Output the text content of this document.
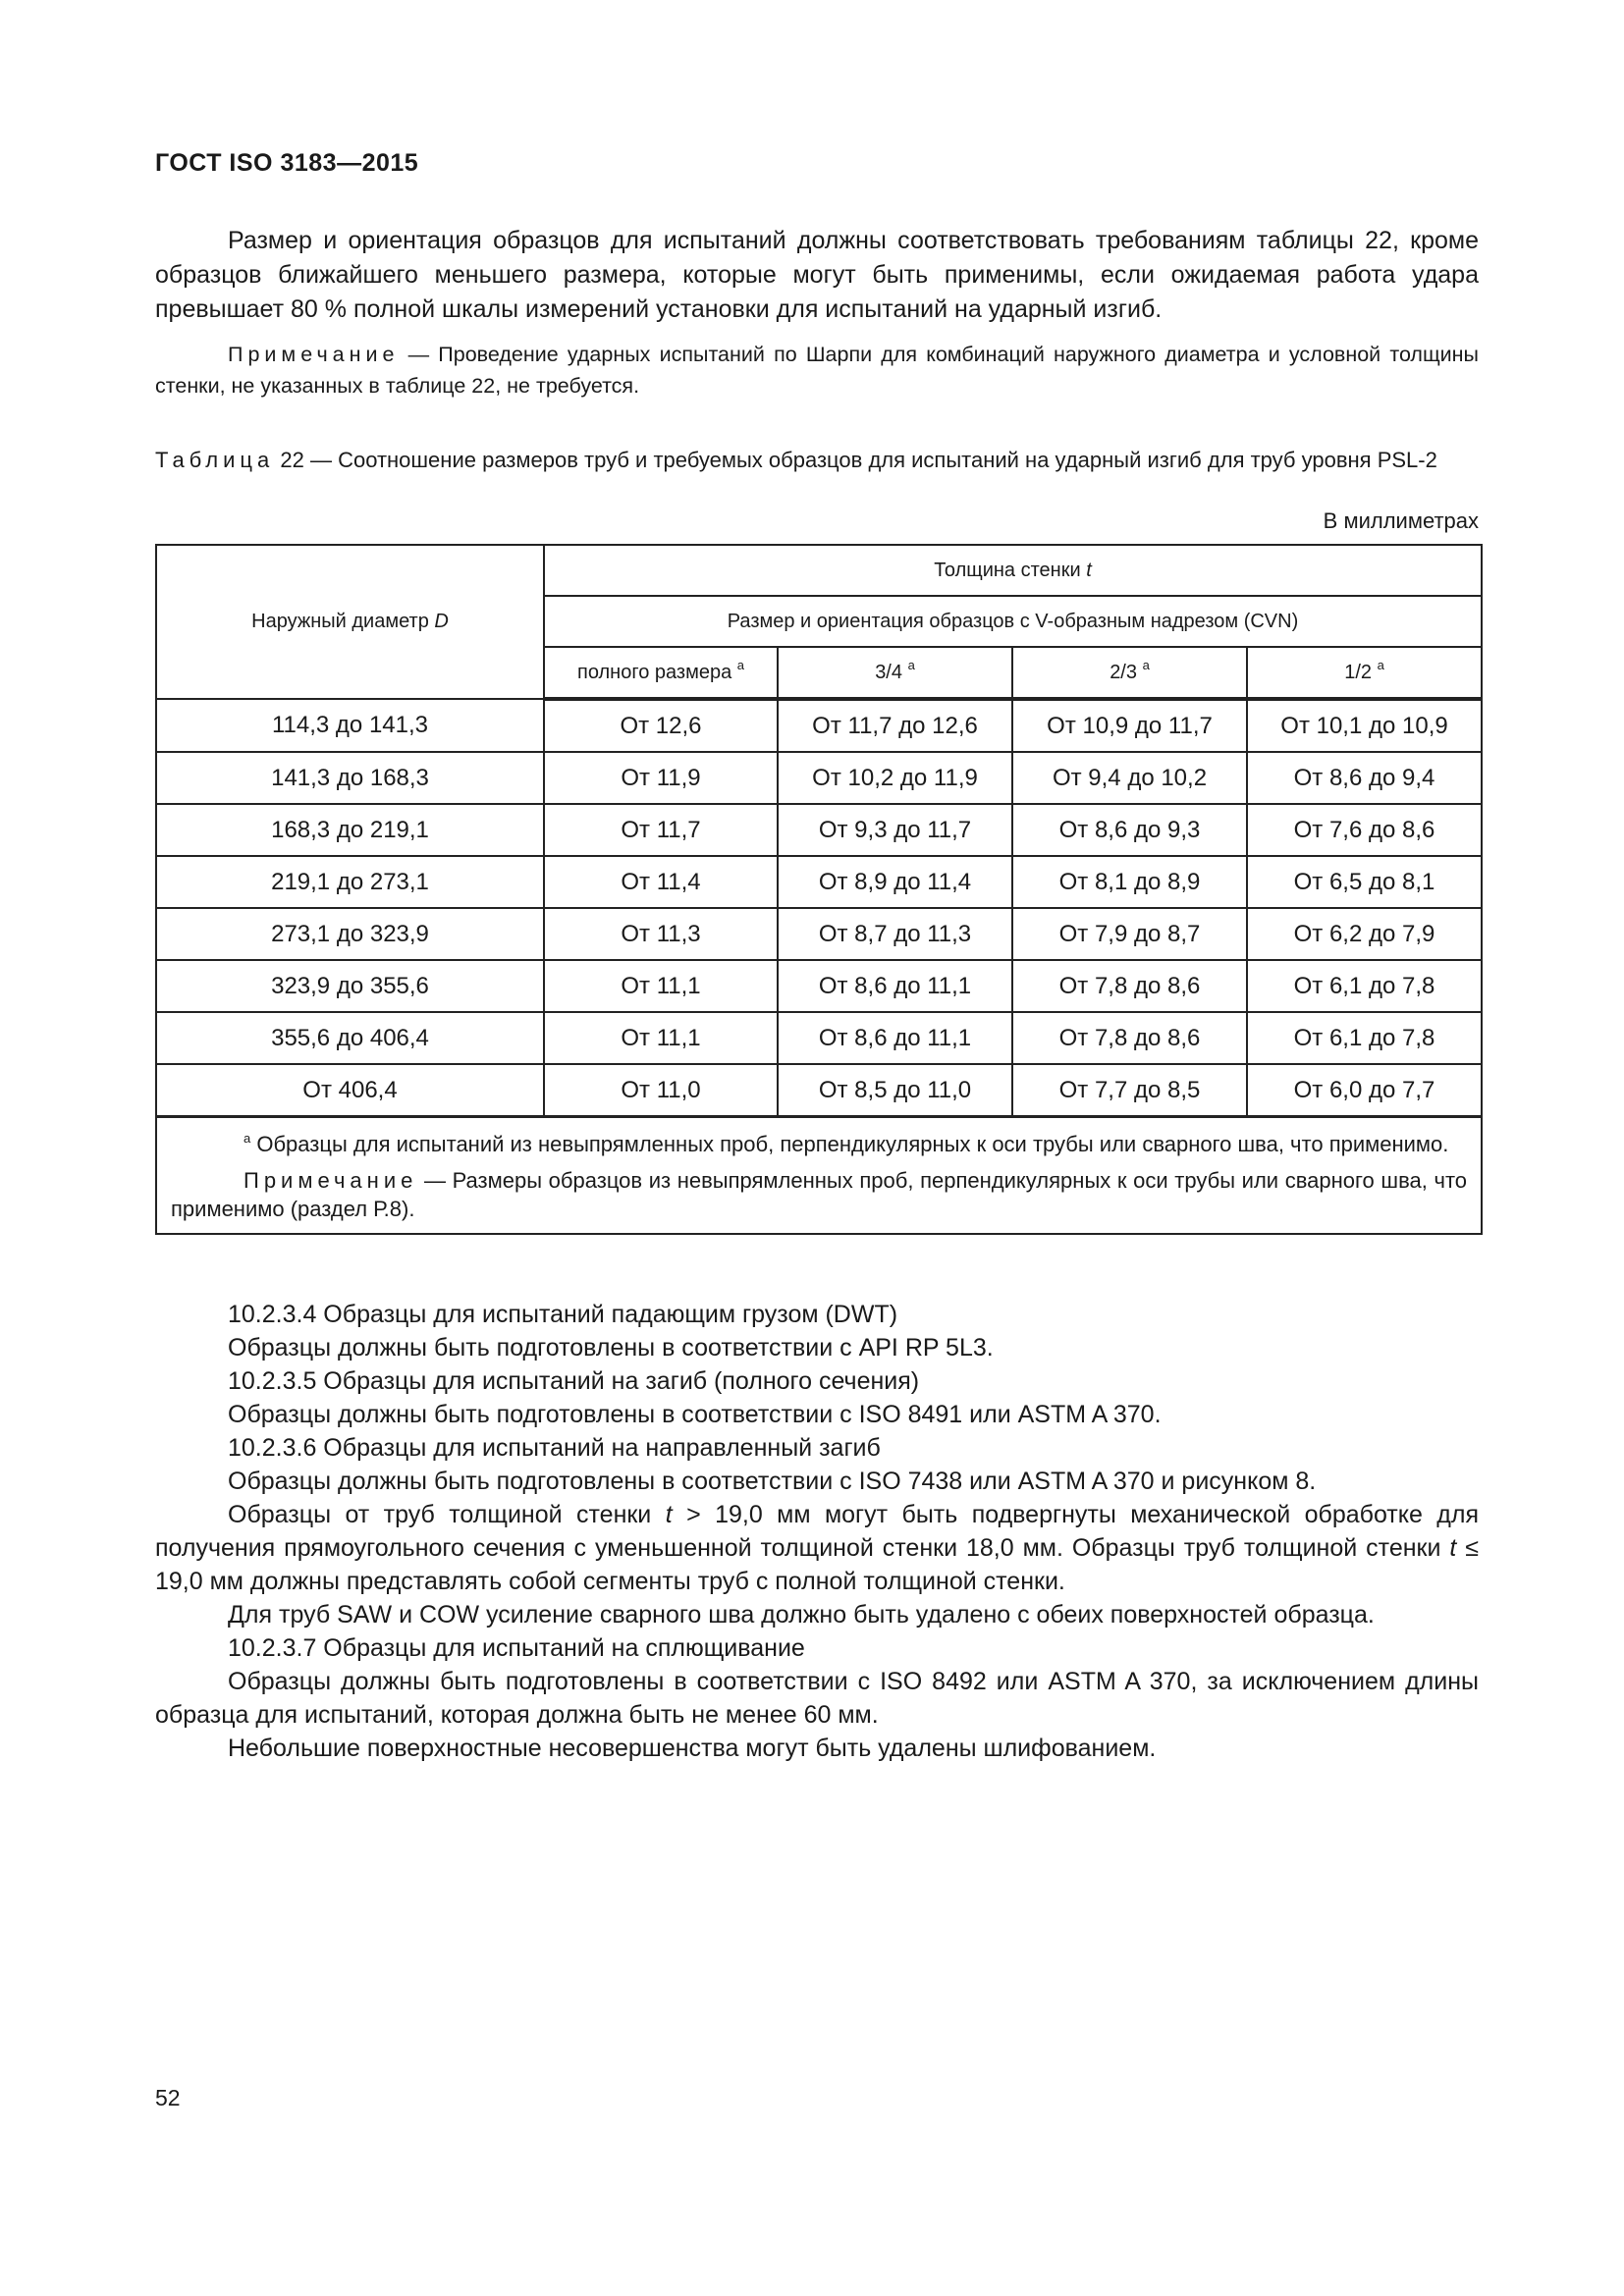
ГОСТ ISO 3183—2015
Размер и ориентация образцов для испытаний должны соответствовать требованиям таблицы 22, кроме образцов ближайшего меньшего размера, которые могут быть применимы, если ожидаемая работа удара превышает 80 % полной шкалы измерений установки для испытаний на ударный изгиб.
Примечание — Проведение ударных испытаний по Шарпи для комбинаций наружного диаметра и условной толщины стенки, не указанных в таблице 22, не требуется.
Таблица 22 — Соотношение размеров труб и требуемых образцов для испытаний на ударный изгиб для труб уровня PSL-2
В миллиметрах
Наружный диаметр D	Толщина стенки t			
	Размер и ориентация образцов с V-образным надрезом (CVN)			
	полного размера $^a$	3/4 $^a$	2/3 $^a$	1/2 $^a$
114,3 до 141,3	От 12,6	От 11,7 до 12,6	От 10,9 до 11,7	От 10,1 до 10,9
141,3 до 168,3	От 11,9	От 10,2 до 11,9	От 9,4 до 10,2	От 8,6 до 9,4
168,3 до 219,1	От 11,7	От 9,3 до 11,7	От 8,6 до 9,3	От 7,6 до 8,6
219,1 до 273,1	От 11,4	От 8,9 до 11,4	От 8,1 до 8,9	От 6,5 до 8,1
273,1 до 323,9	От 11,3	От 8,7 до 11,3	От 7,9 до 8,7	От 6,2 до 7,9
323,9 до 355,6	От 11,1	От 8,6 до 11,1	От 7,8 до 8,6	От 6,1 до 7,8
355,6 до 406,4	От 11,1	От 8,6 до 11,1	От 7,8 до 8,6	От 6,1 до 7,8
От 406,4	От 11,0	От 8,5 до 11,0	От 7,7 до 8,5	От 6,0 до 7,7

$^a$ Образцы для испытаний из невыпрямленных проб, перпендикулярных к оси трубы или сварного шва, что применимо.
Примечание — Размеры образцов из невыпрямленных проб, перпендикулярных к оси трубы или сварного шва, что применимо (раздел Р.8).				

10.2.3.4 Образцы для испытаний падающим грузом (DWT)

Образцы должны быть подготовлены в соответствии с API RP 5L3.

10.2.3.5 Образцы для испытаний на загиб (полного сечения)

Образцы должны быть подготовлены в соответствии с ISO 8491 или ASTM A 370.

10.2.3.6 Образцы для испытаний на направленный загиб

Образцы должны быть подготовлены в соответствии с ISO 7438 или ASTM A 370 и рисунком 8.

Образцы от труб толщиной стенки t > 19,0 мм могут быть подвергнуты механической обработке для получения прямоугольного сечения с уменьшенной толщиной стенки 18,0 мм. Образцы труб толщиной стенки t ≤ 19,0 мм должны представлять собой сегменты труб с полной толщиной стенки.

Для труб SAW и COW усиление сварного шва должно быть удалено с обеих поверхностей образца.

10.2.3.7 Образцы для испытаний на сплющивание

Образцы должны быть подготовлены в соответствии с ISO 8492 или ASTM A 370, за исключением длины образца для испытаний, которая должна быть не менее 60 мм.

Небольшие поверхностные несовершенства могут быть удалены шлифованием.

52
